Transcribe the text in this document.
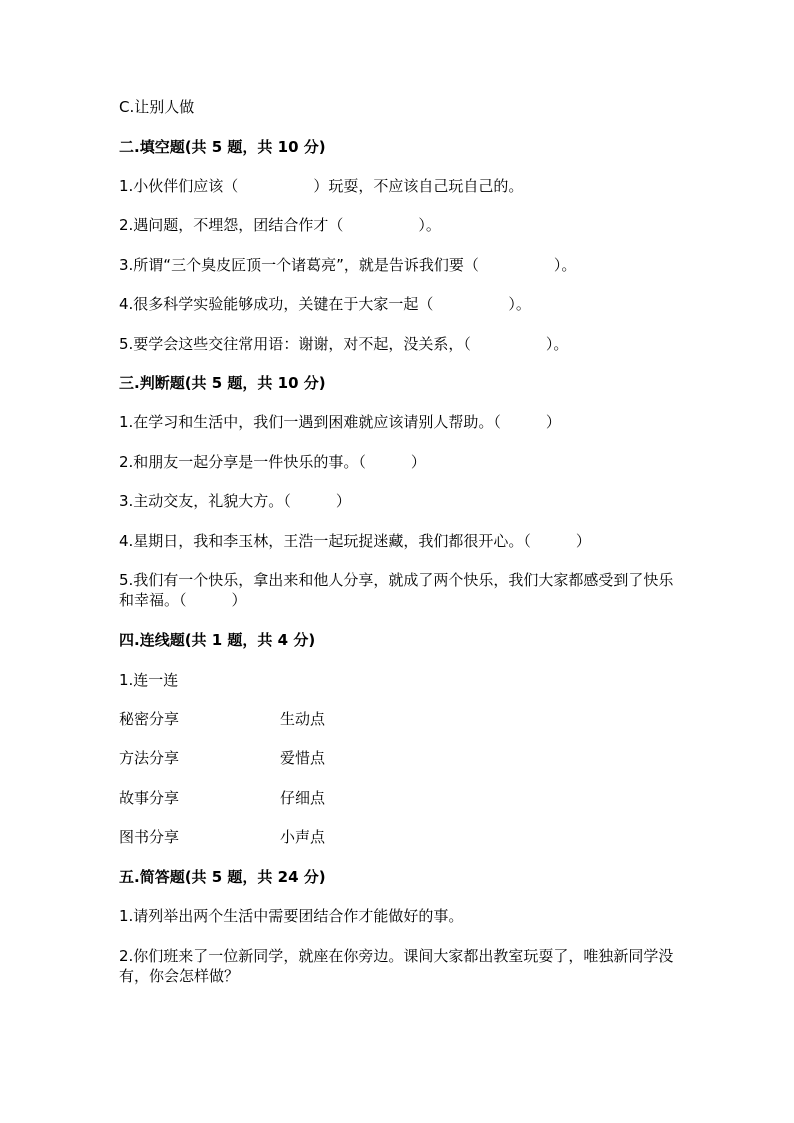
C.让别人做
二.填空题(共 5 题，共 10 分)
1.小伙伴们应该（　　　　　）玩耍，不应该自己玩自己的。
2.遇问题，不埋怨，团结合作才（　　　　　）。
3.所谓“三个臭皮匠顶一个诸葛亮”，就是告诉我们要（　　　　　）。
4.很多科学实验能够成功，关键在于大家一起（　　　　　）。
5.要学会这些交往常用语：谢谢，对不起，没关系，（　　　　　）。
三.判断题(共 5 题，共 10 分)
1.在学习和生活中，我们一遇到困难就应该请别人帮助。（　　　）
2.和朋友一起分享是一件快乐的事。（　　　）
3.主动交友，礼貌大方。（　　　）
4.星期日，我和李玉林，王浩一起玩捉迷藏，我们都很开心。（　　　）
5.我们有一个快乐，拿出来和他人分享，就成了两个快乐，我们大家都感受到了快乐和幸福。（　　　）
四.连线题(共 1 题，共 4 分)
1.连一连
秘密分享	生动点
方法分享	爱惜点
故事分享	仔细点
图书分享	小声点
五.简答题(共 5 题，共 24 分)
1.请列举出两个生活中需要团结合作才能做好的事。
2.你们班来了一位新同学，就座在你旁边。课间大家都出教室玩耍了，唯独新同学没有，你会怎样做？
